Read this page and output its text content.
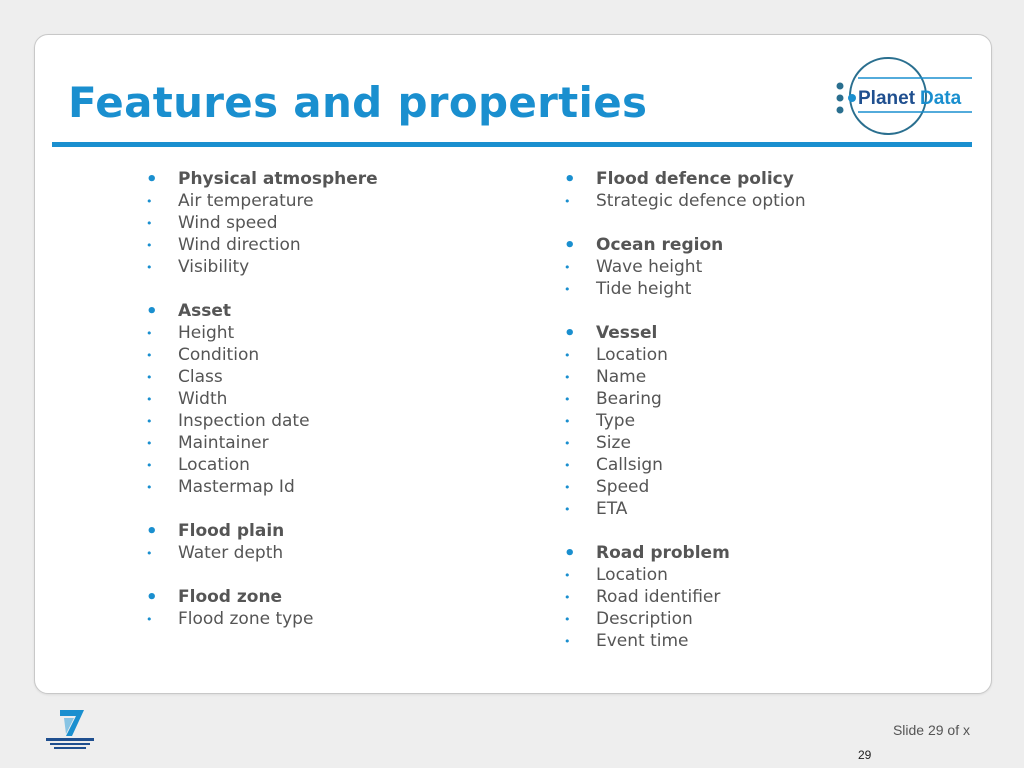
Features and properties	Planet Data
•	Physical atmosphere
•	Air temperature
•	Wind speed
•	Wind direction
•	Visibility
•	Asset
•	Height
•	Condition
•	Class
•	Width
•	Inspection date
•	Maintainer
•	Location
•	Mastermap Id
•	Flood plain
•	Water depth
•	Flood zone
•	Flood zone type
•	Flood defence policy
•	Strategic defence option
•	Ocean region
•	Wave height
•	Tide height
•	Vessel
•	Location
•	Name
•	Bearing
•	Type
•	Size
•	Callsign
•	Speed
•	ETA
•	Road problem
•	Location
•	Road identifier
•	Description
•	Event time
Slide 29 of x
29
